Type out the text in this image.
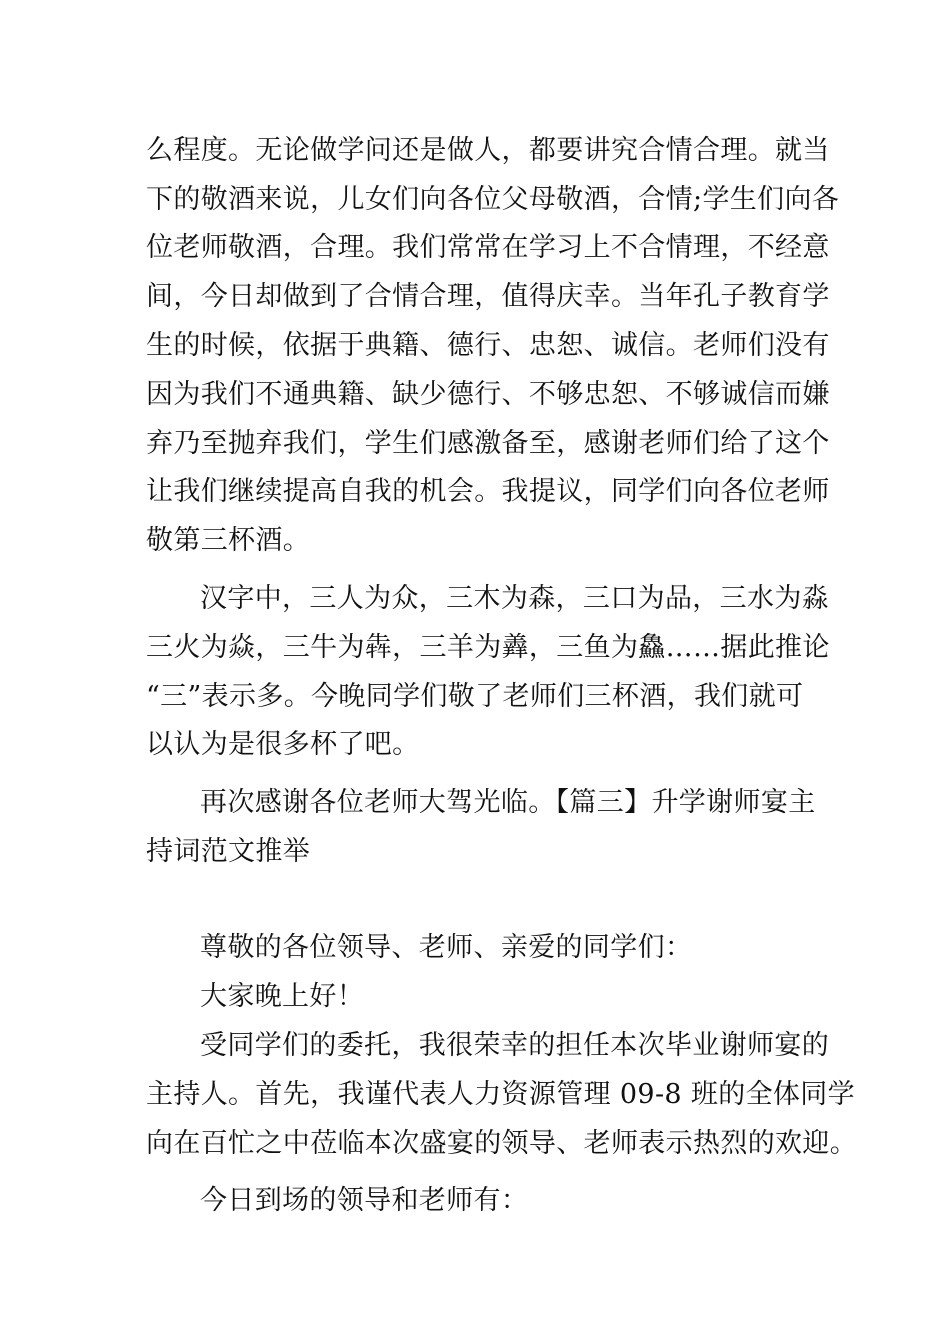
么程度。无论做学问还是做人，都要讲究合情合理。就当
下的敬酒来说，儿女们向各位父母敬酒，合情;学生们向各
位老师敬酒，合理。我们常常在学习上不合情理，不经意
间，今日却做到了合情合理，值得庆幸。当年孔子教育学
生的时候，依据于典籍、德行、忠恕、诚信。老师们没有
因为我们不通典籍、缺少德行、不够忠恕、不够诚信而嫌
弃乃至抛弃我们，学生们感激备至，感谢老师们给了这个
让我们继续提高自我的机会。我提议，同学们向各位老师
敬第三杯酒。
汉字中，三人为众，三木为森，三口为品，三水为淼
三火为焱，三牛为犇，三羊为羴，三鱼为鱻……据此推论
“三”表示多。今晚同学们敬了老师们三杯酒，我们就可
以认为是很多杯了吧。
再次感谢各位老师大驾光临。【篇三】升学谢师宴主
持词范文推举
尊敬的各位领导、老师、亲爱的同学们：
大家晚上好！
受同学们的委托，我很荣幸的担任本次毕业谢师宴的
主持人。首先，我谨代表人力资源管理 09-8 班的全体同学
向在百忙之中莅临本次盛宴的领导、老师表示热烈的欢迎。
今日到场的领导和老师有：
